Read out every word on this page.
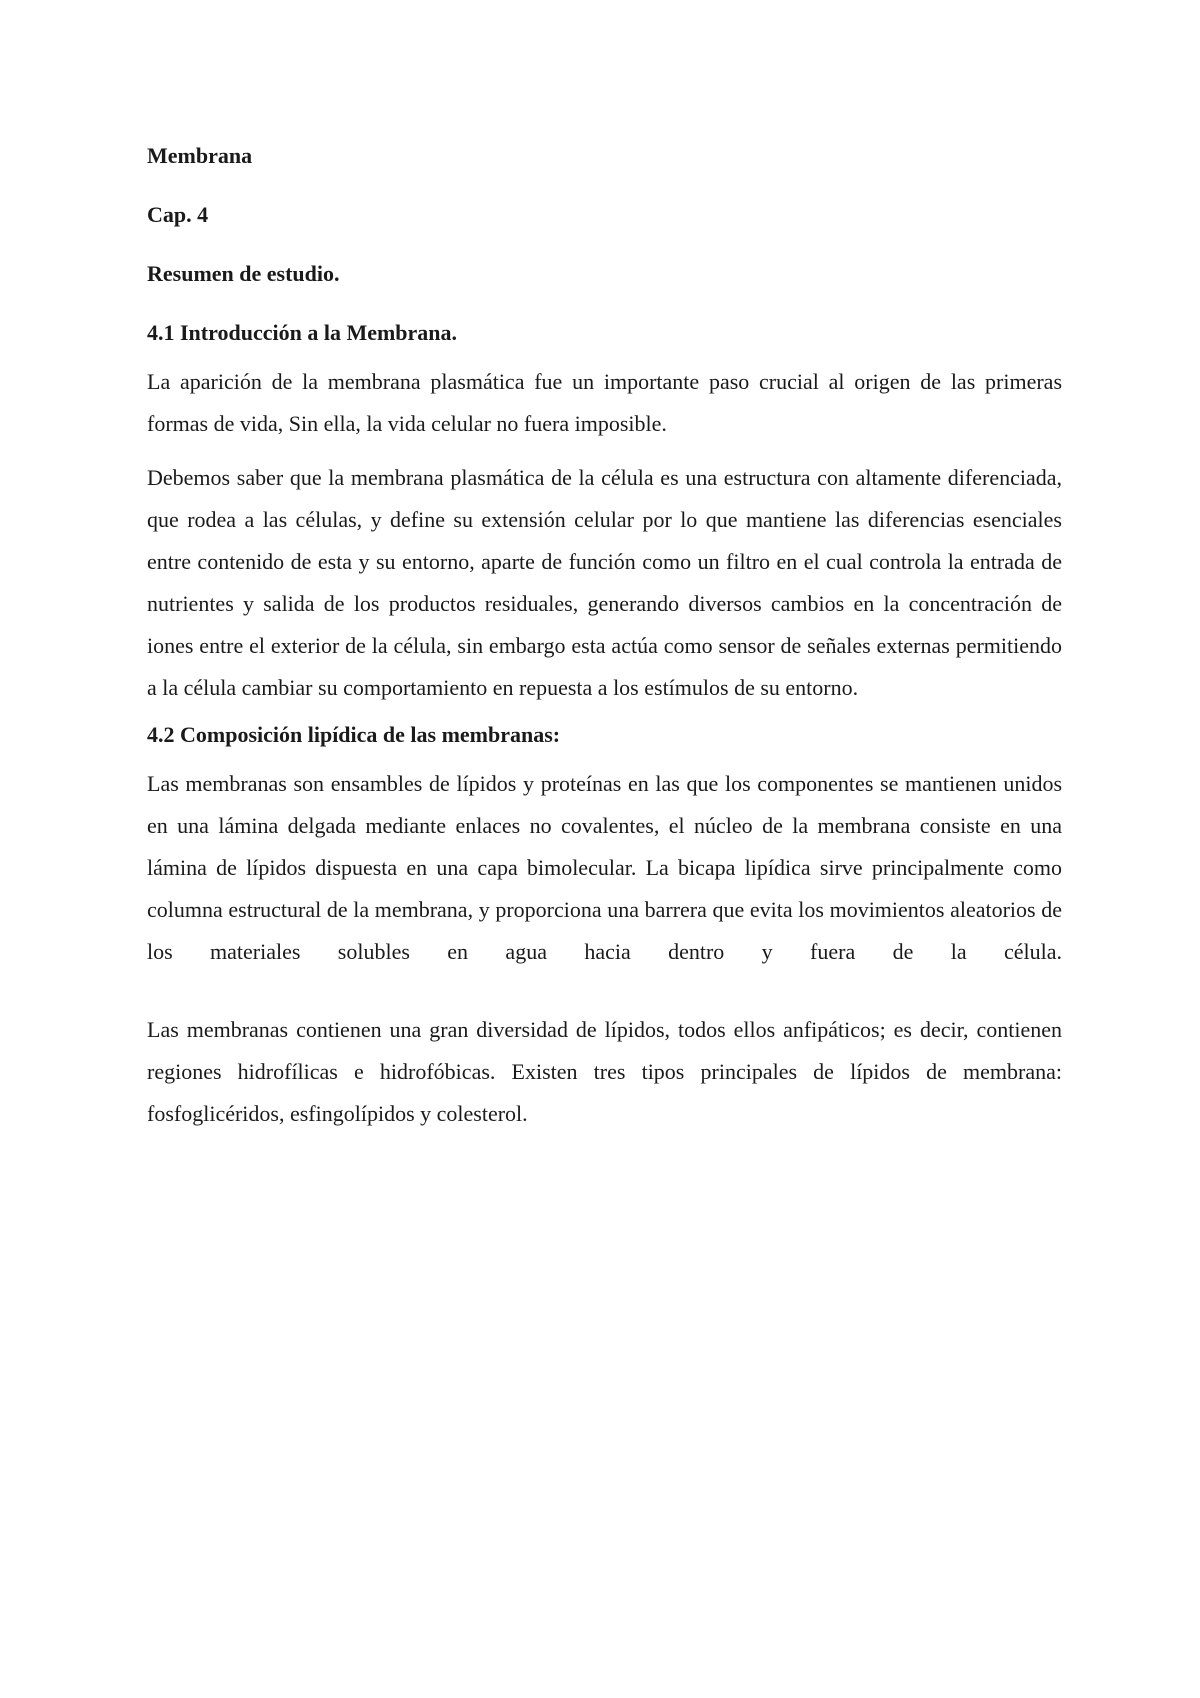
Membrana
Cap. 4
Resumen de estudio.
4.1 Introducción a la Membrana.

La aparición de la membrana plasmática fue un importante paso crucial al origen de las primeras formas de vida, Sin ella, la vida celular no fuera imposible.

Debemos saber que la membrana plasmática de la célula es una estructura con altamente diferenciada, que rodea a las células, y define su extensión celular por lo que mantiene las diferencias esenciales entre contenido de esta y su entorno, aparte de función como un filtro en el cual controla la entrada de nutrientes y salida de los productos residuales, generando diversos cambios en la concentración de iones entre el exterior de la célula, sin embargo esta actúa como sensor de señales externas permitiendo a la célula cambiar su comportamiento en repuesta a los estímulos de su entorno.

4.2 Composición lipídica de las membranas:

Las membranas son ensambles de lípidos y proteínas en las que los componentes se mantienen unidos en una lámina delgada mediante enlaces no covalentes, el núcleo de la membrana consiste en una lámina de lípidos dispuesta en una capa bimolecular. La bicapa lipídica sirve principalmente como columna estructural de la membrana, y proporciona una barrera que evita los movimientos aleatorios de los materiales solubles en agua hacia dentro y fuera de la célula.

Las membranas contienen una gran diversidad de lípidos, todos ellos anfipáticos; es decir, contienen regiones hidrofílicas e hidrofóbicas. Existen tres tipos principales de lípidos de membrana: fosfoglicéridos, esfingolípidos y colesterol.
